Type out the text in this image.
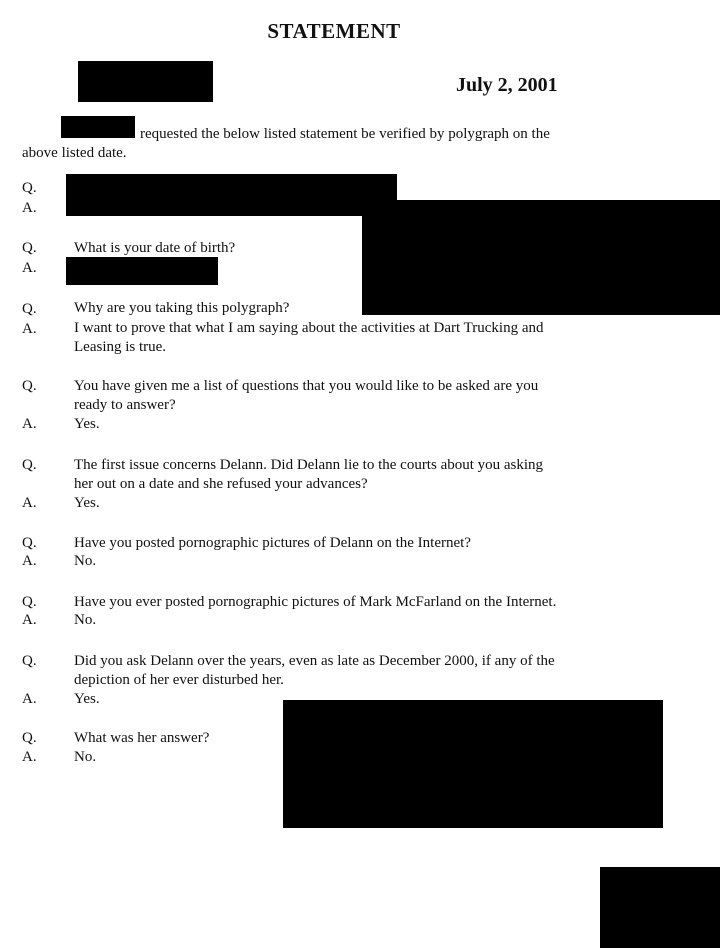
STATEMENT
July 2, 2001
requested the below listed statement be verified by polygraph on the
above listed date.
Q.
A.
Q. What is your date of birth?
A.
Q. Why are you taking this polygraph?
A. I want to prove that what I am saying about the activities at Dart Trucking and
Leasing is true.
Q. You have given me a list of questions that you would like to be asked are you
ready to answer?
A. Yes.
Q. The first issue concerns Delann. Did Delann lie to the courts about you asking
her out on a date and she refused your advances?
A. Yes.
Q. Have you posted pornographic pictures of Delann on the Internet?
A. No.
Q. Have you ever posted pornographic pictures of Mark McFarland on the Internet.
A. No.
Q. Did you ask Delann over the years, even as late as December 2000, if any of the
depiction of her ever disturbed her.
A. Yes.
Q. What was her answer?
A. No.
